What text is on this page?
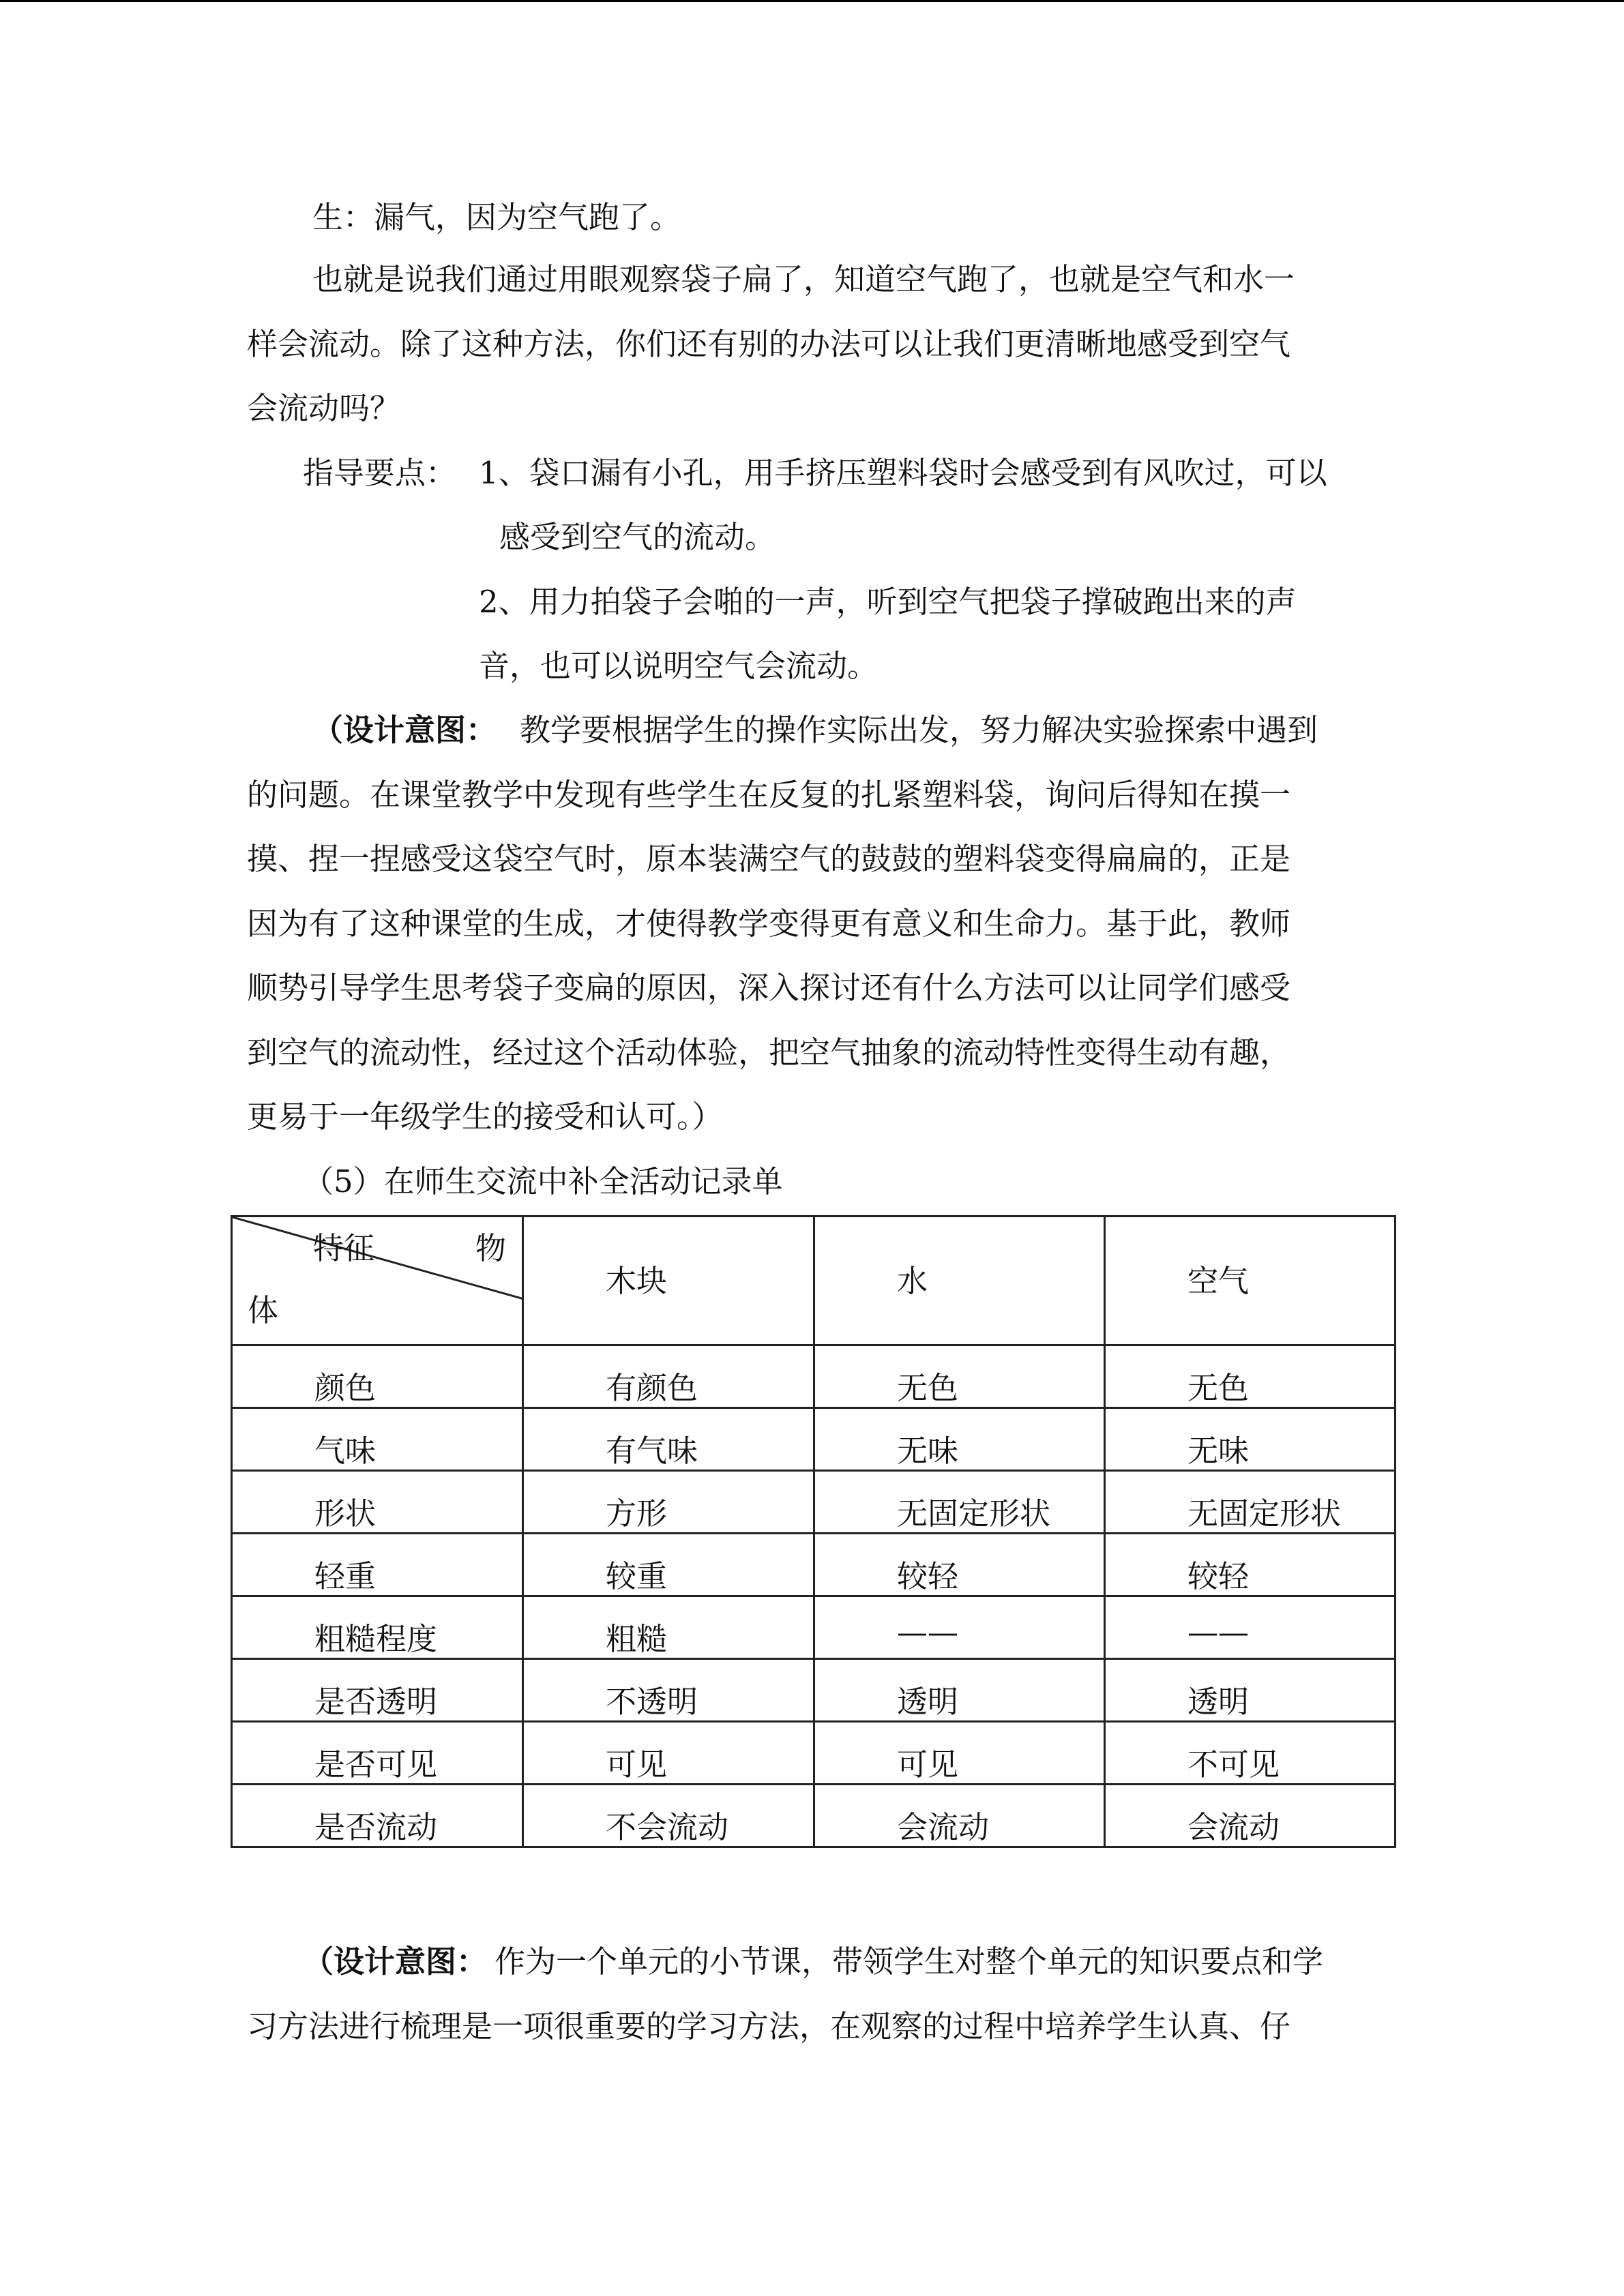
生：漏气，因为空气跑了。
也就是说我们通过用眼观察袋子扁了，知道空气跑了，也就是空气和水一
样会流动。除了这种方法，你们还有别的办法可以让我们更清晰地感受到空气
会流动吗？
指导要点： 1、袋口漏有小孔，用手挤压塑料袋时会感受到有风吹过，可以
感受到空气的流动。
2、用力拍袋子会啪的一声，听到空气把袋子撑破跑出来的声
音，也可以说明空气会流动。
（设计意图： 教学要根据学生的操作实际出发，努力解决实验探索中遇到
的问题。在课堂教学中发现有些学生在反复的扎紧塑料袋，询问后得知在摸一
摸、捏一捏感受这袋空气时，原本装满空气的鼓鼓的塑料袋变得扁扁的，正是
因为有了这种课堂的生成，才使得教学变得更有意义和生命力。基于此，教师
顺势引导学生思考袋子变扁的原因，深入探讨还有什么方法可以让同学们感受
到空气的流动性，经过这个活动体验，把空气抽象的流动特性变得生动有趣，
更易于一年级学生的接受和认可。）
（5）在师生交流中补全活动记录单
特征 物
体	木块	水	空气

颜色	有颜色	无色	无色

气味	有气味	无味	无味

形状	方形	无固定形状	无固定形状

轻重	较重	较轻	较轻

粗糙程度	粗糙	——	——

是否透明	不透明	透明	透明

是否可见	可见	可见	不可见

是否流动	不会流动	会流动	会流动
（设计意图： 作为一个单元的小节课，带领学生对整个单元的知识要点和学
习方法进行梳理是一项很重要的学习方法，在观察的过程中培养学生认真、仔
